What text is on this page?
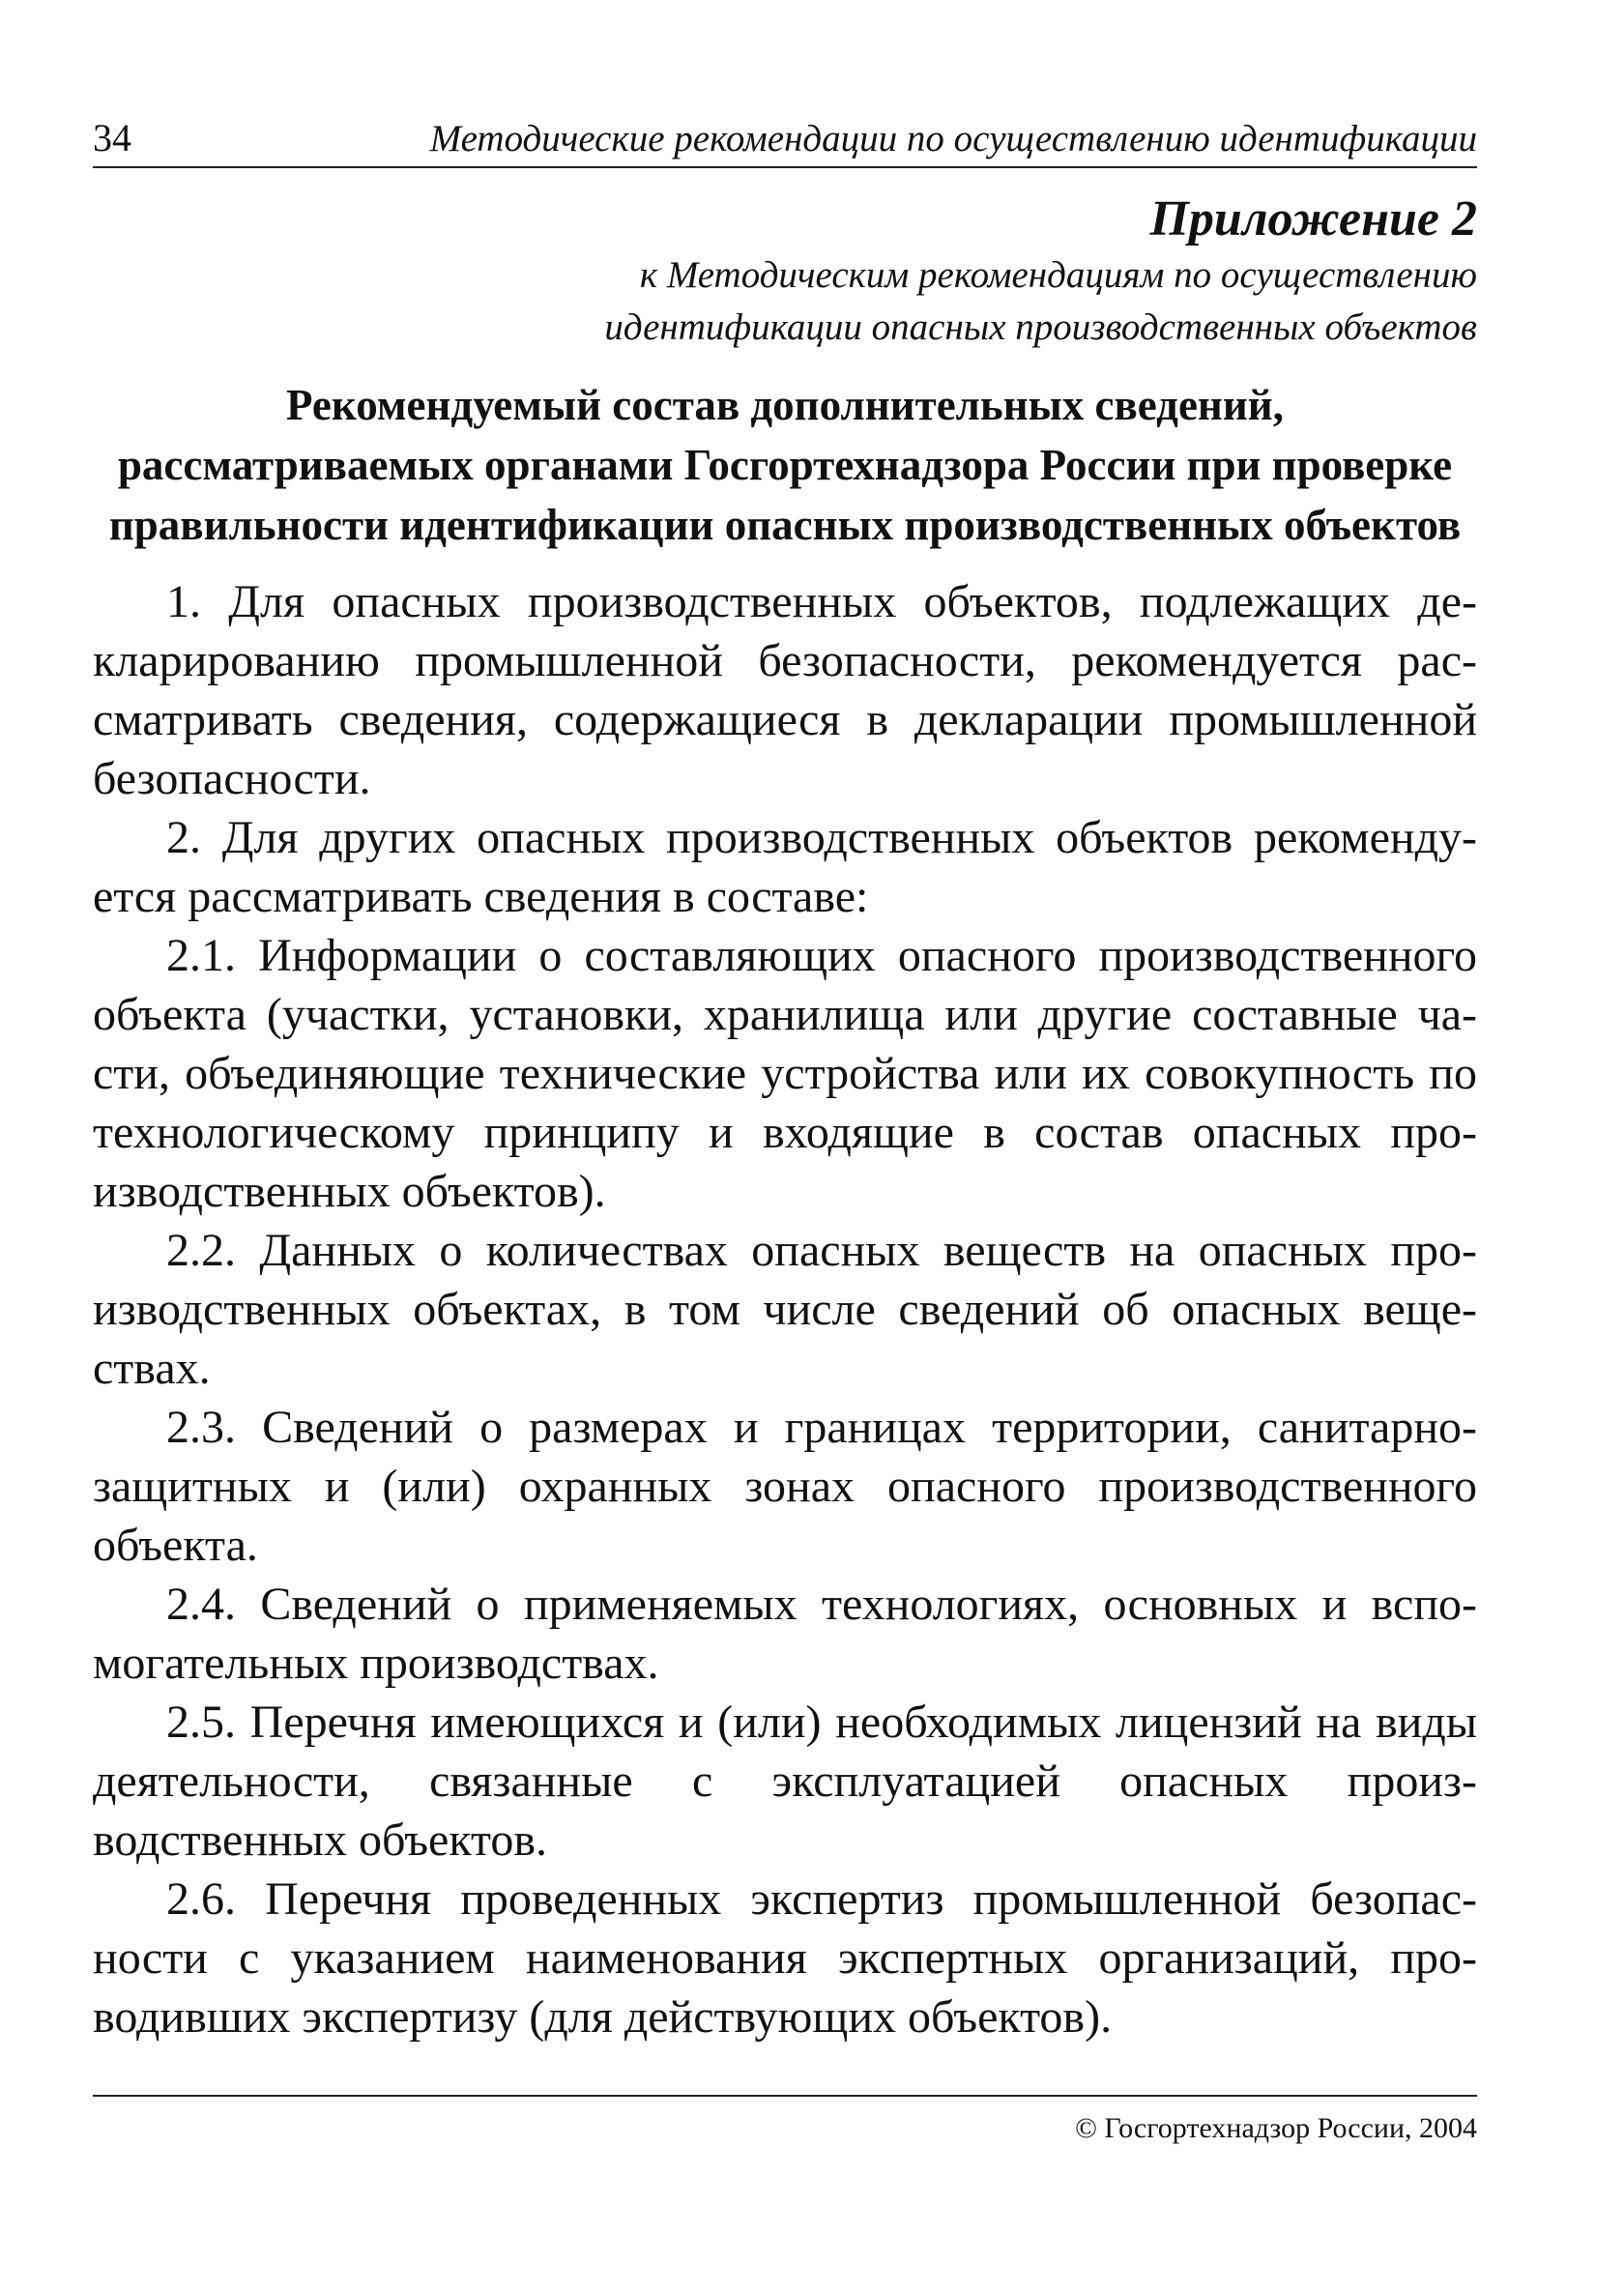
34	Методические рекомендации по осуществлению идентификации
Приложение 2
к Методическим рекомендациям по осуществлению
идентификации опасных производственных объектов
Рекомендуемый состав дополнительных сведений,
рассматриваемых органами Госгортехнадзора России при проверке
правильности идентификации опасных производственных объектов

1. Для опасных производственных объектов, подлежащих декларированию промышленной безопасности, рекомендуется рассматривать сведения, содержащиеся в декларации промышленной безопасности.

2. Для других опасных производственных объектов рекомендуется рассматривать сведения в составе:

2.1. Информации о составляющих опасного производственного объекта (участки, установки, хранилища или другие составные части, объединяющие технические устройства или их совокупность по технологическому принципу и входящие в состав опасных производственных объектов).

2.2. Данных о количествах опасных веществ на опасных производственных объектах, в том числе сведений об опасных веществах.

2.3. Сведений о размерах и границах территории, санитарно-защитных и (или) охранных зонах опасного производственного объекта.

2.4. Сведений о применяемых технологиях, основных и вспомогательных производствах.

2.5. Перечня имеющихся и (или) необходимых лицензий на виды деятельности, связанные с эксплуатацией опасных производственных объектов.

2.6. Перечня проведенных экспертиз промышленной безопасности с указанием наименования экспертных организаций, проводивших экспертизу (для действующих объектов).

© Госгортехнадзор России, 2004
